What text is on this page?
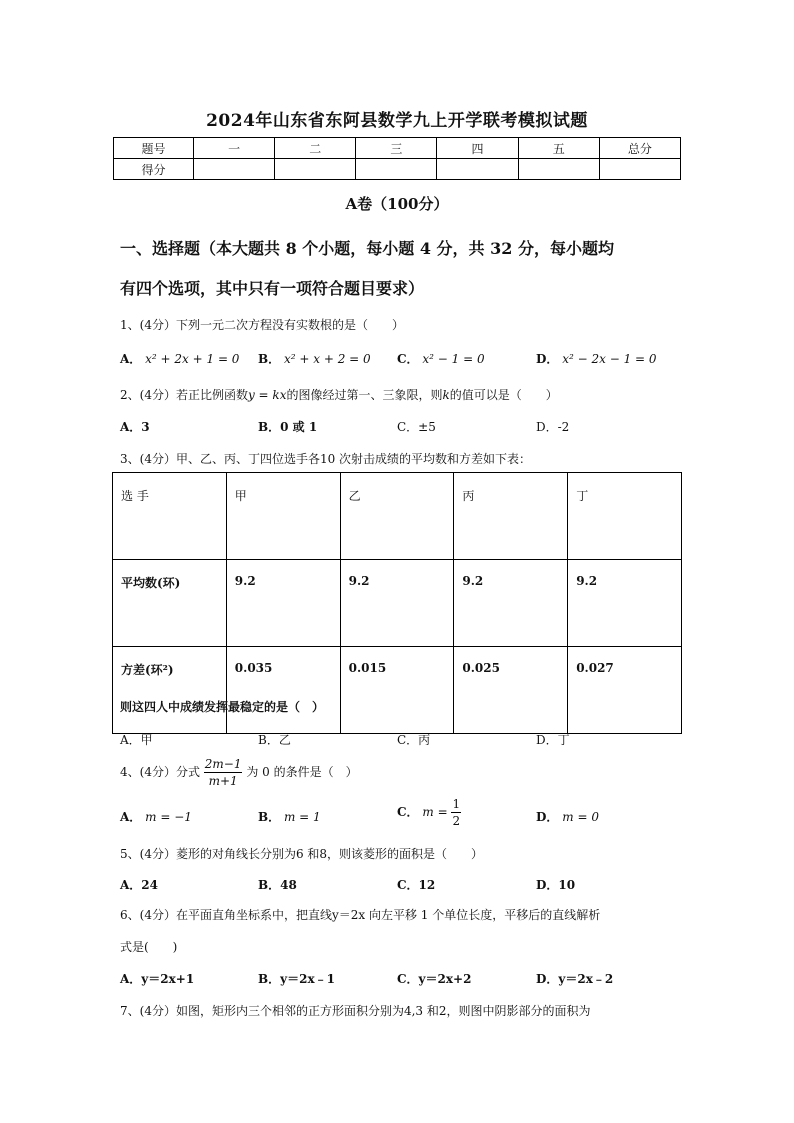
2024年山东省东阿县数学九上开学联考模拟试题
题号	一	二	三	四	五	总分
得分						
A卷（100分）
一、选择题（本大题共 8 个小题，每小题 4 分，共 32 分，每小题均
有四个选项，其中只有一项符合题目要求）
1、(4分）下列一元二次方程没有实数根的是（　　）
A． x² + 2x + 1 = 0 B． x² + x + 2 = 0 C． x² − 1 = 0	D． x² − 2x − 1 = 0
2、(4分）若正比例函数y = kx的图像经过第一、三象限，则k的值可以是（　　）
A．3	B．0 或 1	C．±5	D．-2
3、(4分）甲、乙、丙、丁四位选手各10 次射击成绩的平均数和方差如下表：
选 手	甲	乙	丙	丁
平均数(环)	9.2	9.2	9.2	9.2
方差(环²)	0.035	0.015	0.025	0.027
则这四人中成绩发挥最稳定的是（　）
A．甲	B．乙	C．丙	D．丁
4、(4分）分式 $\frac{2m-1}{m+1}$ 为 0 的条件是（　）
A． m = −1	B． m = 1	C． $m = \frac{1}{2}$	D． m = 0
5、(4分）菱形的对角线长分别为6 和8，则该菱形的面积是（　　）
A．24	B．48	C．12	D．10
6、(4分）在平面直角坐标系中，把直线y＝2x 向左平移 1 个单位长度，平移后的直线解析
式是(　　)
A．y＝2x+1	B．y＝2x﹣1	C．y＝2x+2	D．y＝2x﹣2
7、(4分）如图，矩形内三个相邻的正方形面积分别为4,3 和2，则图中阴影部分的面积为
